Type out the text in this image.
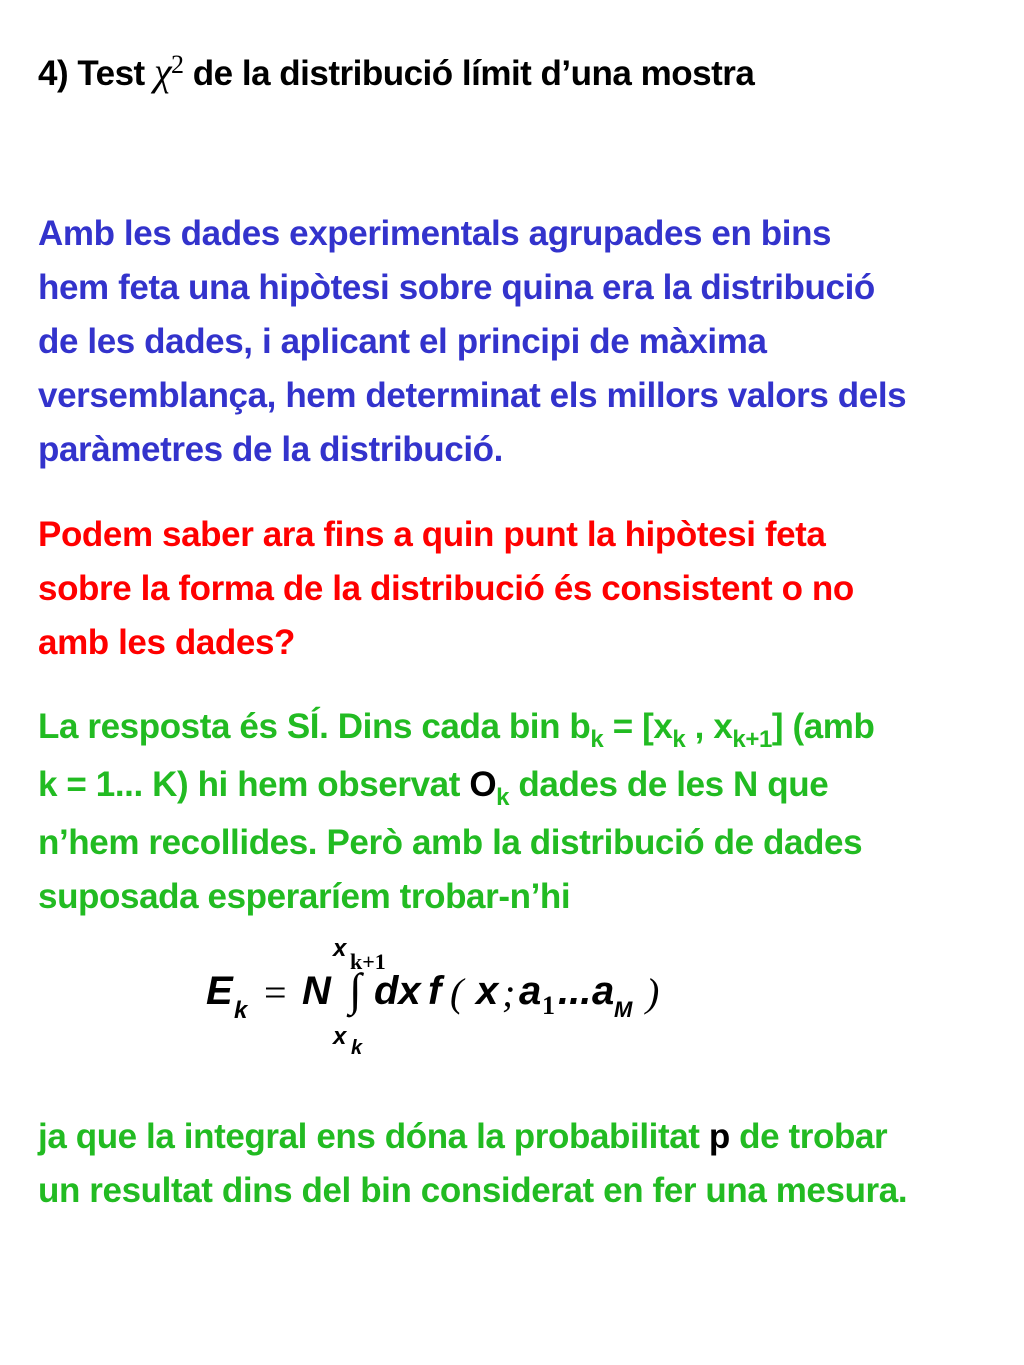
4) Test $\chi^2$ de la distribució límit d’una mostra
Amb les dades experimentals agrupades en bins
hem feta una hipòtesi sobre quina era la distribució
de les dades, i aplicant el principi de màxima
versemblança, hem determinat els millors valors dels
paràmetres de la distribució.
Podem saber ara fins a quin punt la hipòtesi feta
sobre la forma de la distribució és consistent o no
amb les dades?
La resposta és SÍ. Dins cada bin $b_k = [x_k$ , $x_{k+1}$] (amb
k = 1... K) hi hem observat $O_k$ dades de les N que
n’hem recollides. Però amb la distribució de dades
suposada esperaríem trobar-n’hi
E k = N
x k+1
∫
x k
dx f ( x ; a 1 ... a M )
ja que la integral ens dóna la probabilitat p de trobar
un resultat dins del bin considerat en fer una mesura.
